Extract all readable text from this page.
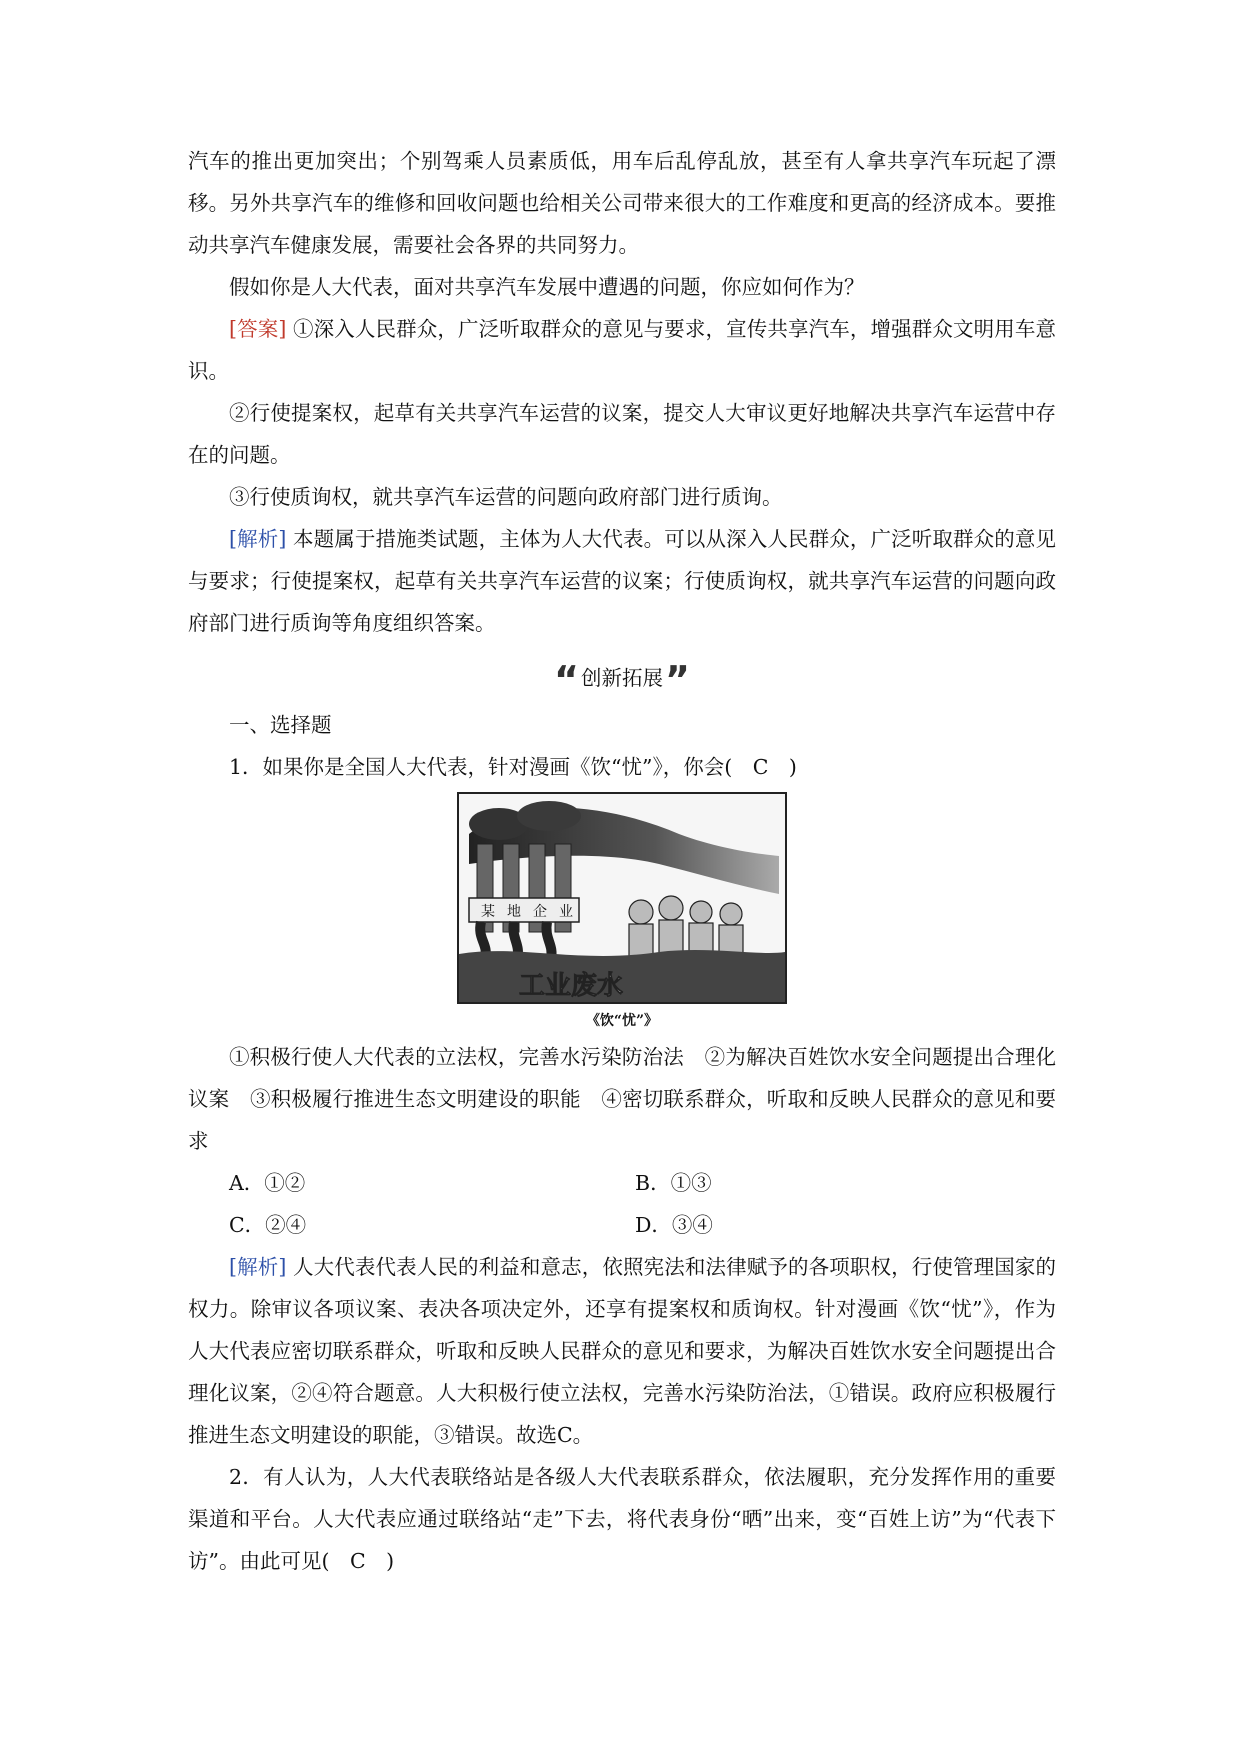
汽车的推出更加突出；个别驾乘人员素质低，用车后乱停乱放，甚至有人拿共享汽车玩起了漂移。另外共享汽车的维修和回收问题也给相关公司带来很大的工作难度和更高的经济成本。要推动共享汽车健康发展，需要社会各界的共同努力。

假如你是人大代表，面对共享汽车发展中遭遇的问题，你应如何作为？

[答案] ①深入人民群众，广泛听取群众的意见与要求，宣传共享汽车，增强群众文明用车意识。

②行使提案权，起草有关共享汽车运营的议案，提交人大审议更好地解决共享汽车运营中存在的问题。

③行使质询权，就共享汽车运营的问题向政府部门进行质询。

[解析] 本题属于措施类试题，主体为人大代表。可以从深入人民群众，广泛听取群众的意见与要求；行使提案权，起草有关共享汽车运营的议案；行使质询权，就共享汽车运营的问题向政府部门进行质询等角度组织答案。

“ 创新拓展 ”

一、选择题

1．如果你是全国人大代表，针对漫画《饮“忧”》，你会(　C　)

某 地 企 业
工业废水
《饮“忧”》

①积极行使人大代表的立法权，完善水污染防治法　②为解决百姓饮水安全问题提出合理化议案　③积极履行推进生态文明建设的职能　④密切联系群众，听取和反映人民群众的意见和要求

A．①②	B．①③
C．②④	D．③④

[解析] 人大代表代表人民的利益和意志，依照宪法和法律赋予的各项职权，行使管理国家的权力。除审议各项议案、表决各项决定外，还享有提案权和质询权。针对漫画《饮“忧”》，作为人大代表应密切联系群众，听取和反映人民群众的意见和要求，为解决百姓饮水安全问题提出合理化议案，②④符合题意。人大积极行使立法权，完善水污染防治法，①错误。政府应积极履行推进生态文明建设的职能，③错误。故选C。

2．有人认为，人大代表联络站是各级人大代表联系群众，依法履职，充分发挥作用的重要渠道和平台。人大代表应通过联络站“走”下去，将代表身份“晒”出来，变“百姓上访”为“代表下访”。由此可见(　C　)
